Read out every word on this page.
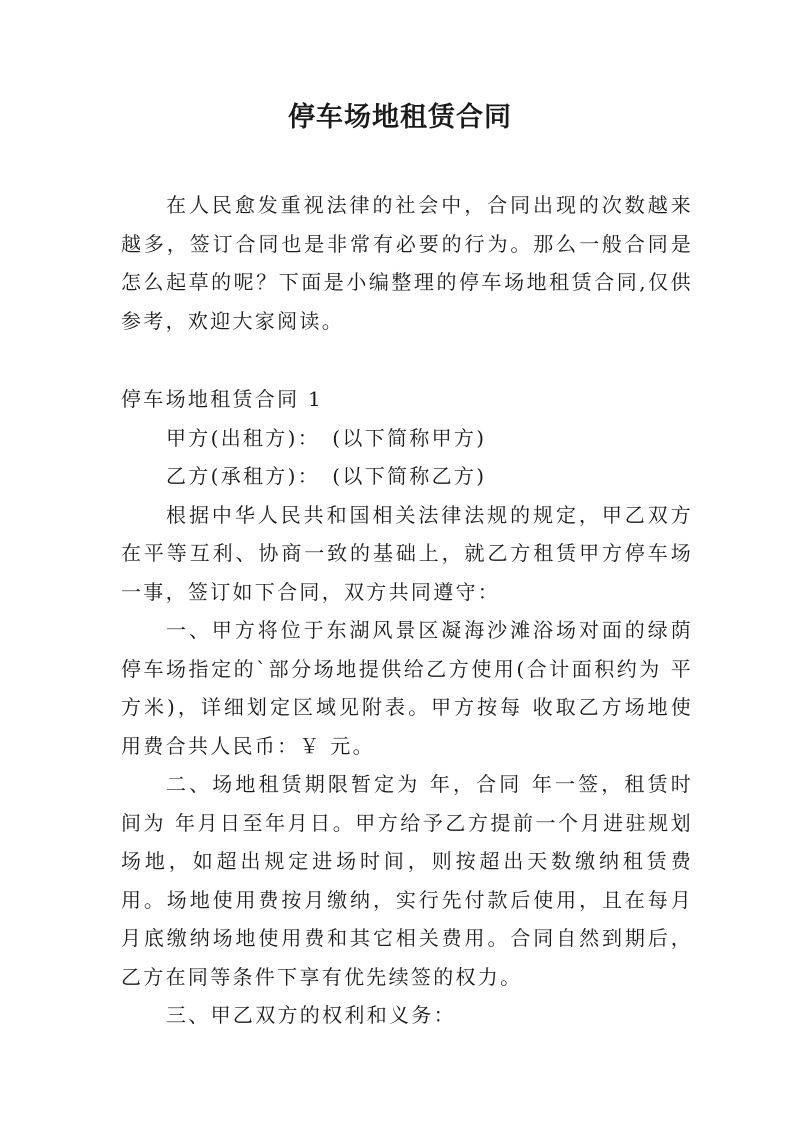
停车场地租赁合同

在人民愈发重视法律的社会中，合同出现的次数越来越多，签订合同也是非常有必要的行为。那么一般合同是怎么起草的呢？下面是小编整理的停车场地租赁合同,仅供参考，欢迎大家阅读。

停车场地租赁合同 1

甲方(出租方)：　(以下简称甲方)

乙方(承租方)：　(以下简称乙方)

根据中华人民共和国相关法律法规的规定，甲乙双方在平等互利、协商一致的基础上，就乙方租赁甲方停车场一事，签订如下合同，双方共同遵守：

一、甲方将位于东湖风景区凝海沙滩浴场对面的绿荫停车场指定的`部分场地提供给乙方使用(合计面积约为 平方米)，详细划定区域见附表。甲方按每 收取乙方场地使用费合共人民币：￥ 元。

二、场地租赁期限暂定为 年，合同 年一签，租赁时间为 年月日至年月日。甲方给予乙方提前一个月进驻规划场地，如超出规定进场时间，则按超出天数缴纳租赁费用。场地使用费按月缴纳，实行先付款后使用，且在每月月底缴纳场地使用费和其它相关费用。合同自然到期后，乙方在同等条件下享有优先续签的权力。

三、甲乙双方的权利和义务：
